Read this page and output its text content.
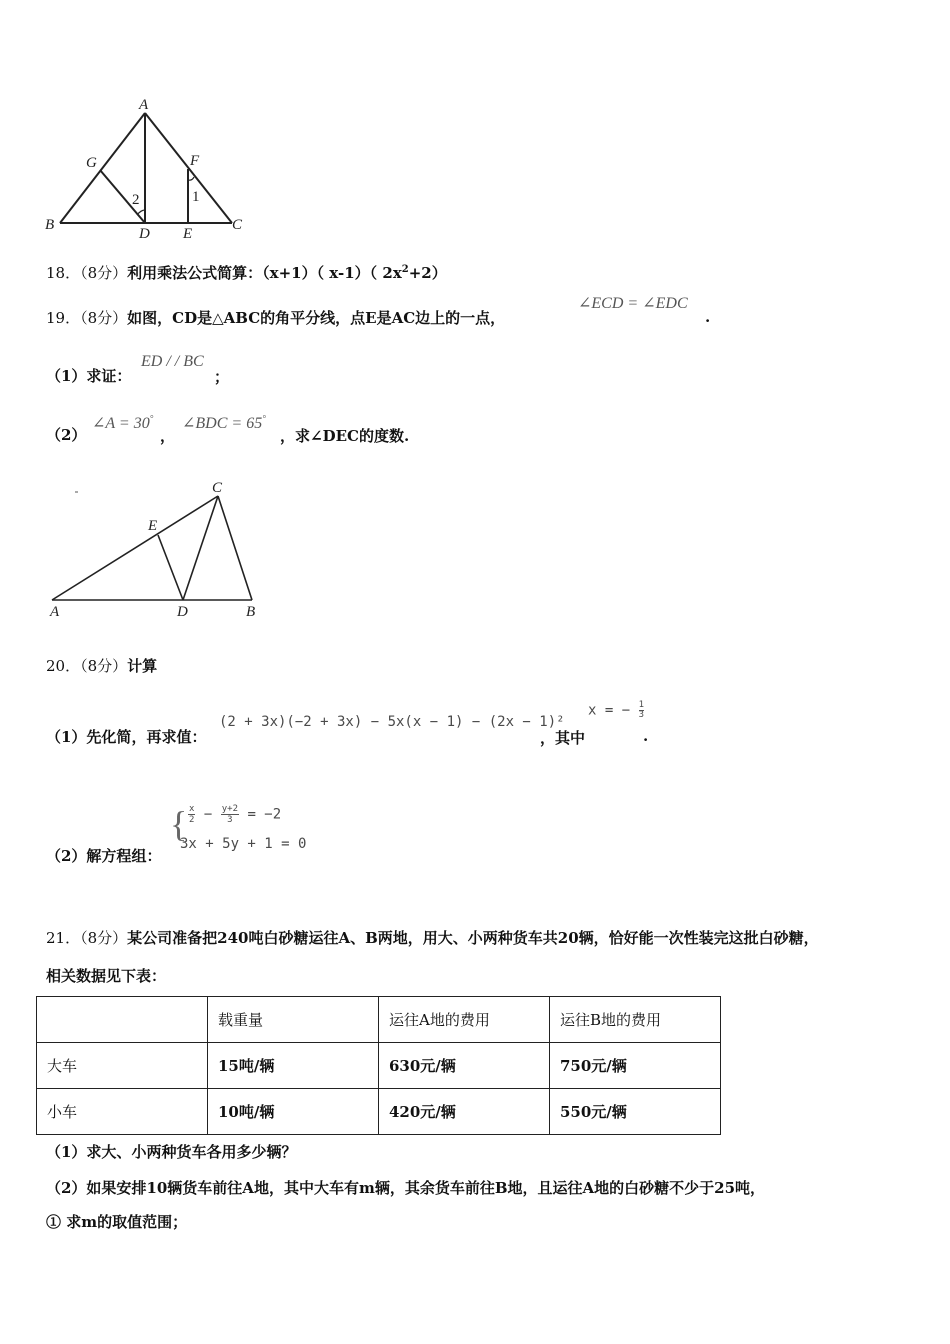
A
G	F
2	1
B
D E
C
18．（8分）利用乘法公式简算：（x+1）（ x-1）（ $2x^2+2$）
19．（8分）如图，CD是△ABC的角平分线，点E是AC边上的一点，
∠ECD = ∠EDC
.
（1）求证：
ED / / BC
；
（2）
∠A = 30°
，
∠BDC = 65°
，求∠DEC的度数.
C
E
A	D	B
20．（8分）计算
（1）先化简，再求值：
(2 + 3x)(−2 + 3x) − 5x(x − 1) − (2x − 1)²
，其中
x = − $\frac{1}{3}$
.
（2）解方程组：
{ $\frac{x}{2} - \frac{y+2}{3} = -2$
3x + 5y + 1 = 0
21．（8分）某公司准备把240吨白砂糖运往A、B两地，用大、小两种货车共20辆，恰好能一次性装完这批白砂糖，
相关数据见下表：
	载重量	运往A地的费用	运往B地的费用
大车	15吨/辆	630元/辆	750元/辆
小车	10吨/辆	420元/辆	550元/辆
（1）求大、小两种货车各用多少辆？
（2）如果安排10辆货车前往A地，其中大车有m辆，其余货车前往B地，且运往A地的白砂糖不少于25吨，
① 求m的取值范围；
